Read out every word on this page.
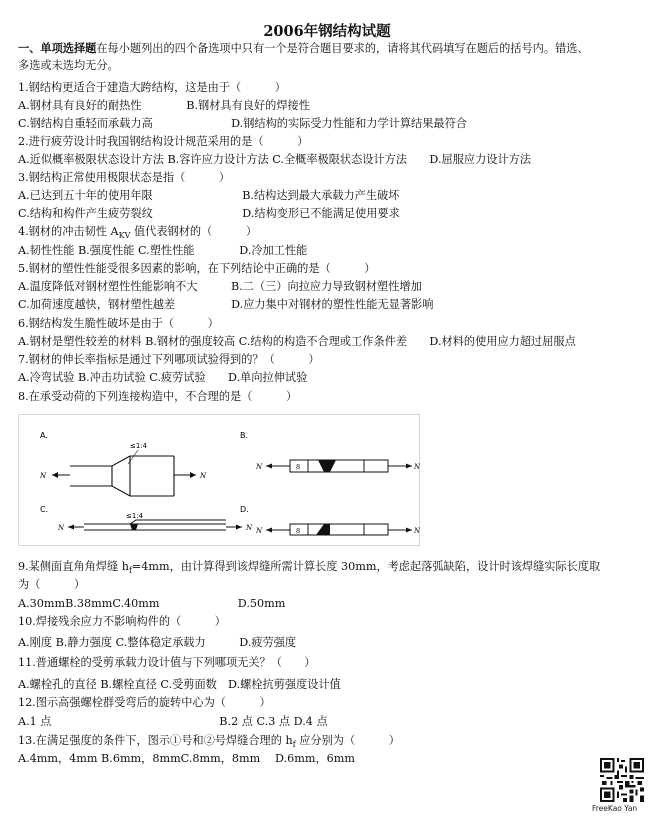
2006年钢结构试题
一、单项选择题在每小题列出的四个备选项中只有一个是符合题目要求的，请将其代码填写在题后的括号内。错选、
多选或未选均无分。
1.钢结构更适合于建造大跨结构，这是由于（　　　）
A.钢材具有良好的耐热性　　　　B.钢材具有良好的焊接性
C.钢结构自重轻而承载力高　　　　　　　D.钢结构的实际受力性能和力学计算结果最符合
2.进行疲劳设计时我国钢结构设计规范采用的是（　　　）
A.近似概率极限状态设计方法 B.容许应力设计方法 C.全概率极限状态设计方法　　D.屈服应力设计方法
3.钢结构正常使用极限状态是指（　　　）
A.已达到五十年的使用年限　　　　　　　　B.结构达到最大承载力产生破坏
C.结构和构件产生疲劳裂纹　　　　　　　　D.结构变形已不能满足使用要求
4.钢材的冲击韧性 $A_{KV}$ 值代表钢材的（　　　）
A.韧性性能 B.强度性能 C.塑性性能　　　　D.冷加工性能
5.钢材的塑性性能受很多因素的影响，在下列结论中正确的是（　　　）
A.温度降低对钢材塑性性能影响不大　　　B.二（三）向拉应力导致钢材塑性增加
C.加荷速度越快，钢材塑性越差　　　　　D.应力集中对钢材的塑性性能无显著影响
6.钢结构发生脆性破坏是由于（　　　）
A.钢材是塑性较差的材料 B.钢材的强度较高 C.结构的构造不合理或工作条件差　　D.材料的使用应力超过屈服点
7.钢材的伸长率指标是通过下列哪项试验得到的？（　　　）
A.冷弯试验 B.冲击功试验 C.疲劳试验　　D.单向拉伸试验
8.在承受动荷的下列连接构造中，不合理的是（　　　）
A.
≤1:4
N	N
B.
8
N	N
C.
≤1:4
N	N
D.
8
N	N
9.某侧面直角角焊缝 $h_f=4mm$，由计算得到该焊缝所需计算长度 30mm，考虑起落弧缺陷，设计时该焊缝实际长度取
为（　　　）
A.30mmB.38mmC.40mm　　　　　　　D.50mm
10.焊接残余应力不影响构件的（　　　）
A.刚度 B.静力强度 C.整体稳定承载力　　　D.疲劳强度
11.普通螺栓的受剪承载力设计值与下列哪项无关？（　　）
A.螺栓孔的直径 B.螺栓直径 C.受剪面数　D.螺栓抗剪强度设计值
12.图示高强螺栓群受弯后的旋转中心为（　　　）
A.1 点　　　　　　　　　　　　　　　B.2 点 C.3 点 D.4 点
13.在满足强度的条件下，图示①号和②号焊缝合理的 $h_f$ 应分别为（　　　）
A.4mm，4mm B.6mm，8mmC.8mm，8mm　 D.6mm，6mm
FreeKao Yan
